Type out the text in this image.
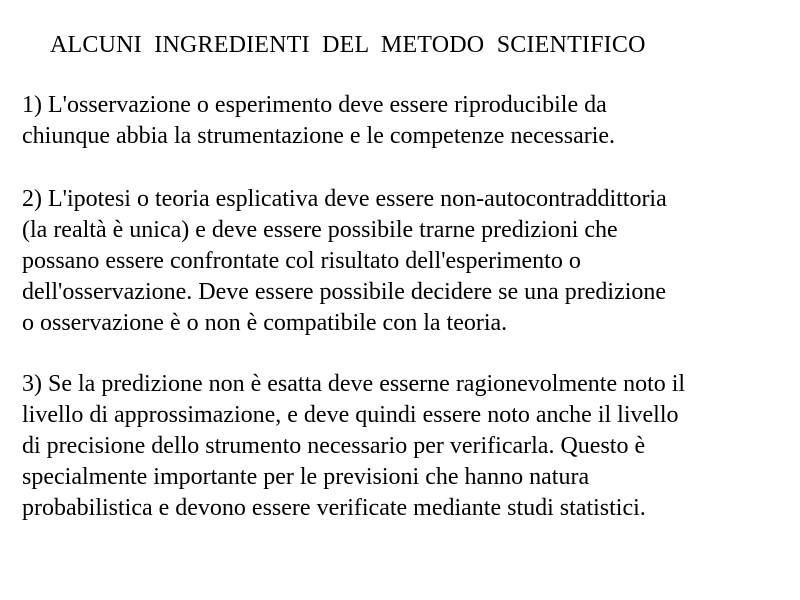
ALCUNI  INGREDIENTI  DEL  METODO  SCIENTIFICO

1) L'osservazione o esperimento deve essere riproducibile da
chiunque abbia la strumentazione e le competenze necessarie.

2) L'ipotesi o teoria esplicativa deve essere non-autocontraddittoria
(la realtà è unica) e deve essere possibile trarne predizioni che
possano essere confrontate col risultato dell'esperimento o
dell'osservazione. Deve essere possibile decidere se una predizione
o osservazione è o non è compatibile con la teoria.

3) Se la predizione non è esatta deve esserne ragionevolmente noto il
livello di approssimazione, e deve quindi essere noto anche il livello
di precisione dello strumento necessario per verificarla. Questo è
specialmente importante per le previsioni che hanno natura
probabilistica e devono essere verificate mediante studi statistici.
